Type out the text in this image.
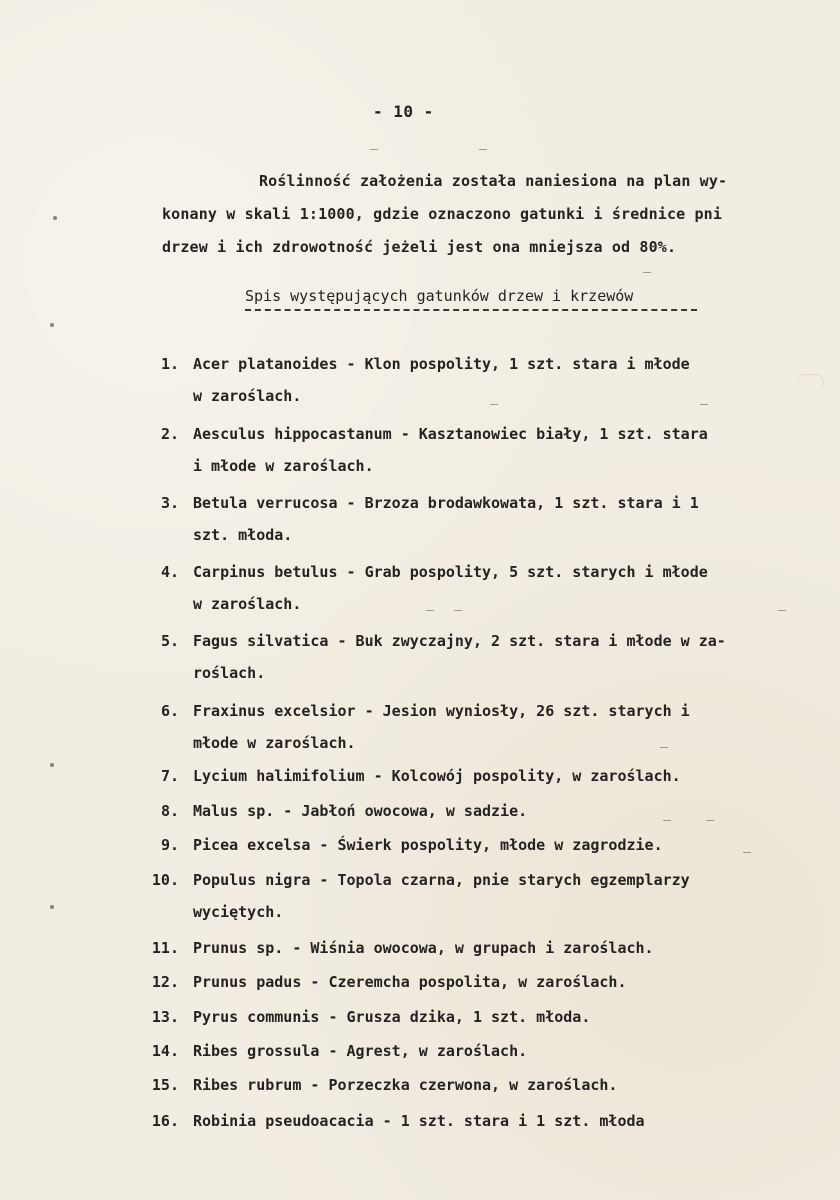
- 10 -
Roślinność założenia została naniesiona na plan wy-
konany w skali 1:1000, gdzie oznaczono gatunki i średnice pni
drzew i ich zdrowotność jeżeli jest ona mniejsza od 80%.
Spis występujących gatunków drzew i krzewów
1. Acer platanoides - Klon pospolity, 1 szt. stara i młode
w zaroślach.
2. Aesculus hippocastanum - Kasztanowiec biały, 1 szt. stara
i młode w zaroślach.
3. Betula verrucosa - Brzoza brodawkowata, 1 szt. stara i 1
szt. młoda.
4. Carpinus betulus - Grab pospolity, 5 szt. starych i młode
w zaroślach.
5. Fagus silvatica - Buk zwyczajny, 2 szt. stara i młode w za-
roślach.
6. Fraxinus excelsior - Jesion wyniosły, 26 szt. starych i
młode w zaroślach.
7. Lycium halimifolium - Kolcowój pospolity, w zaroślach.
8. Malus sp. - Jabłoń owocowa, w sadzie.
9. Picea excelsa - Świerk pospolity, młode w zagrodzie.
10. Populus nigra - Topola czarna, pnie starych egzemplarzy
wyciętych.
11. Prunus sp. - Wiśnia owocowa, w grupach i zaroślach.
12. Prunus padus - Czeremcha pospolita, w zaroślach.
13. Pyrus communis - Grusza dzika, 1 szt. młoda.
14. Ribes grossula - Agrest, w zaroślach.
15. Ribes rubrum - Porzeczka czerwona, w zaroślach.
16. Robinia pseudoacacia - 1 szt. stara i 1 szt. młoda
